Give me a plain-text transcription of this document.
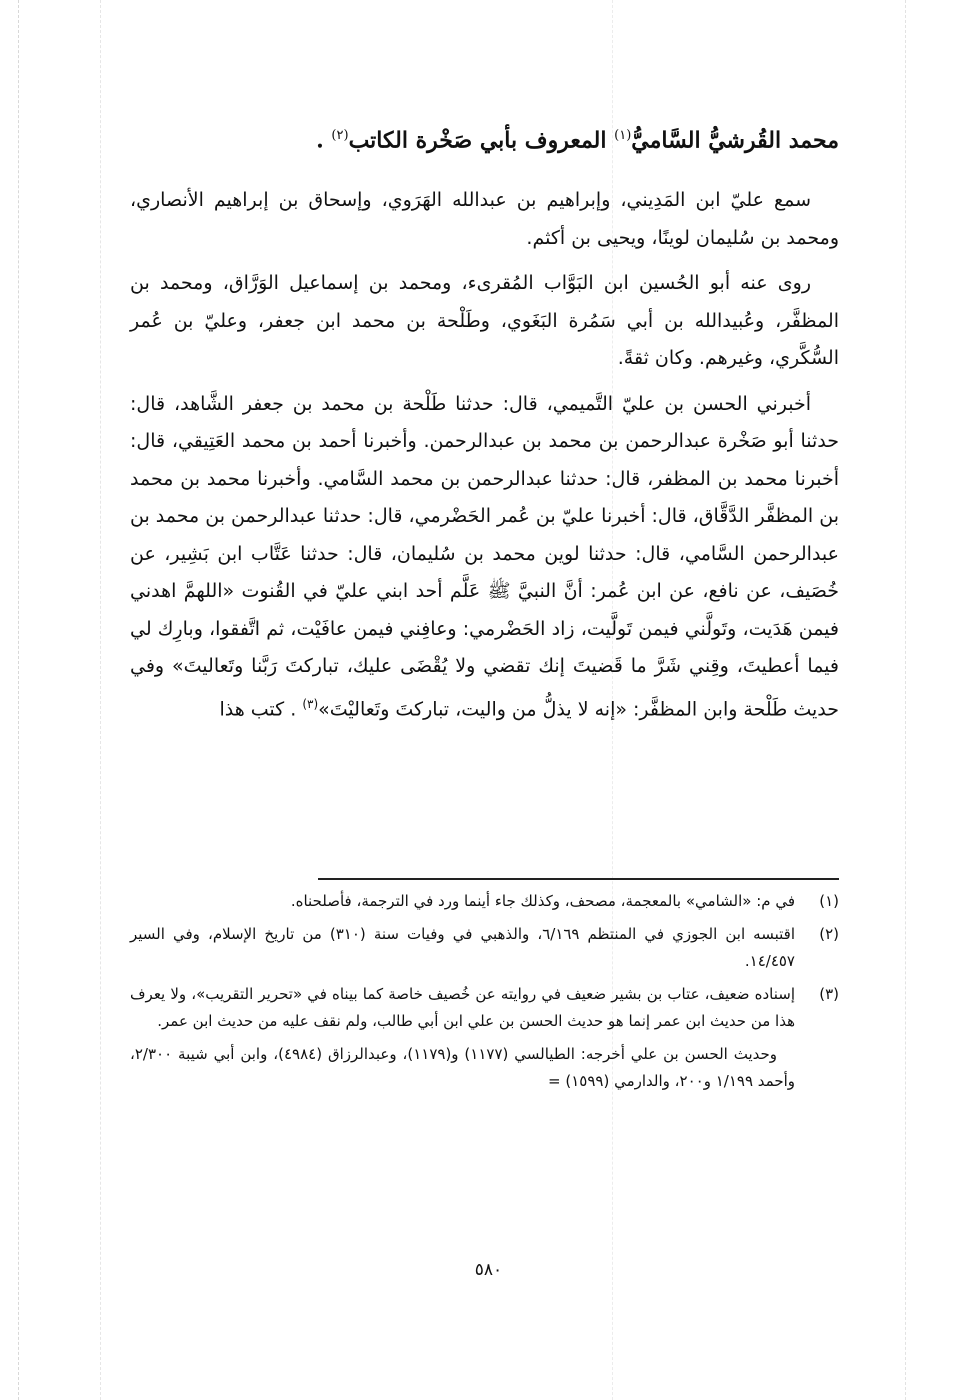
محمد القُرشيُّ السَّاميُّ$^{(١)}$ المعروف بأبي صَخْرة الكاتب$^{(٢)}$ .

سمع عليّ ابن المَدِيني، وإبراهيم بن عبدالله الهَرَوي، وإسحاق بن إبراهيم الأنصاري، ومحمد بن سُليمان لوينًا، ويحيى بن أكثم.

روى عنه أبو الحُسين ابن البَوَّاب المُقرىء، ومحمد بن إسماعيل الوَرَّاق، ومحمد بن المظفَّر، وعُبيدالله بن أبي سَمُرة البَغَوي، وطَلْحة بن محمد ابن جعفر، وعليّ بن عُمر السُّكَّري، وغيرهم. وكان ثقةً.

أخبرني الحسن بن عليّ التَّميمي، قال: حدثنا طَلْحة بن محمد بن جعفر الشَّاهد، قال: حدثنا أبو صَخْرة عبدالرحمن بن محمد بن عبدالرحمن. وأخبرنا أحمد بن محمد العَتِيقي، قال: أخبرنا محمد بن المظفر، قال: حدثنا عبدالرحمن بن محمد السَّامي. وأخبرنا محمد بن محمد بن المظفَّر الدَّقَّاق، قال: أخبرنا عليّ بن عُمر الحَضْرمي، قال: حدثنا عبدالرحمن بن محمد بن عبدالرحمن السَّامي، قال: حدثنا لوين محمد بن سُليمان، قال: حدثنا عَتَّاب ابن بَشِير، عن خُصَيف، عن نافع، عن ابن عُمر: أنَّ النبيَّ ﷺ عَلَّم أحد ابني عليّ في القُنوت «اللهمَّ اهدني فيمن هَدَيت، وتَولَّني فيمن تَولَّيت، زاد الحَضْرمي: وعافِني فيمن عافَيْت، ثم اتَّفقوا، وبارِك لي فيما أعطيتَ، وقِني شَرَّ ما قَضيتَ إنك تقضي ولا يُقْضَى عليك، تباركتَ رَبَّنا وتَعاليتَ» وفي حديث طَلْحة وابن المظفَّر: «إنه لا يذلُّ من واليت، تباركتَ وتَعاليْتَ»$^{(٣)}$ . كتب هذا

(١)
في م: «الشامي» بالمعجمة، مصحف، وكذلك جاء أينما ورد في الترجمة، فأصلحناه.
(٢)
اقتبسه ابن الجوزي في المنتظم ٦/١٦٩، والذهبي في وفيات سنة (٣١٠) من تاريخ الإسلام، وفي السير ١٤/٤٥٧.
(٣)
إسناده ضعيف، عتاب بن بشير ضعيف في روايته عن خُصيف خاصة كما بيناه في «تحرير التقريب»، ولا يعرف هذا من حديث ابن عمر إنما هو حديث الحسن بن علي ابن أبي طالب، ولم نقف عليه من حديث ابن عمر.

وحديث الحسن بن علي أخرجه: الطيالسي (١١٧٧) و(١١٧٩)، وعبدالرزاق (٤٩٨٤)، وابن أبي شيبة ٢/٣٠٠، وأحمد ١/١٩٩ و٢٠٠، والدارمي (١٥٩٩) =

٥٨٠
